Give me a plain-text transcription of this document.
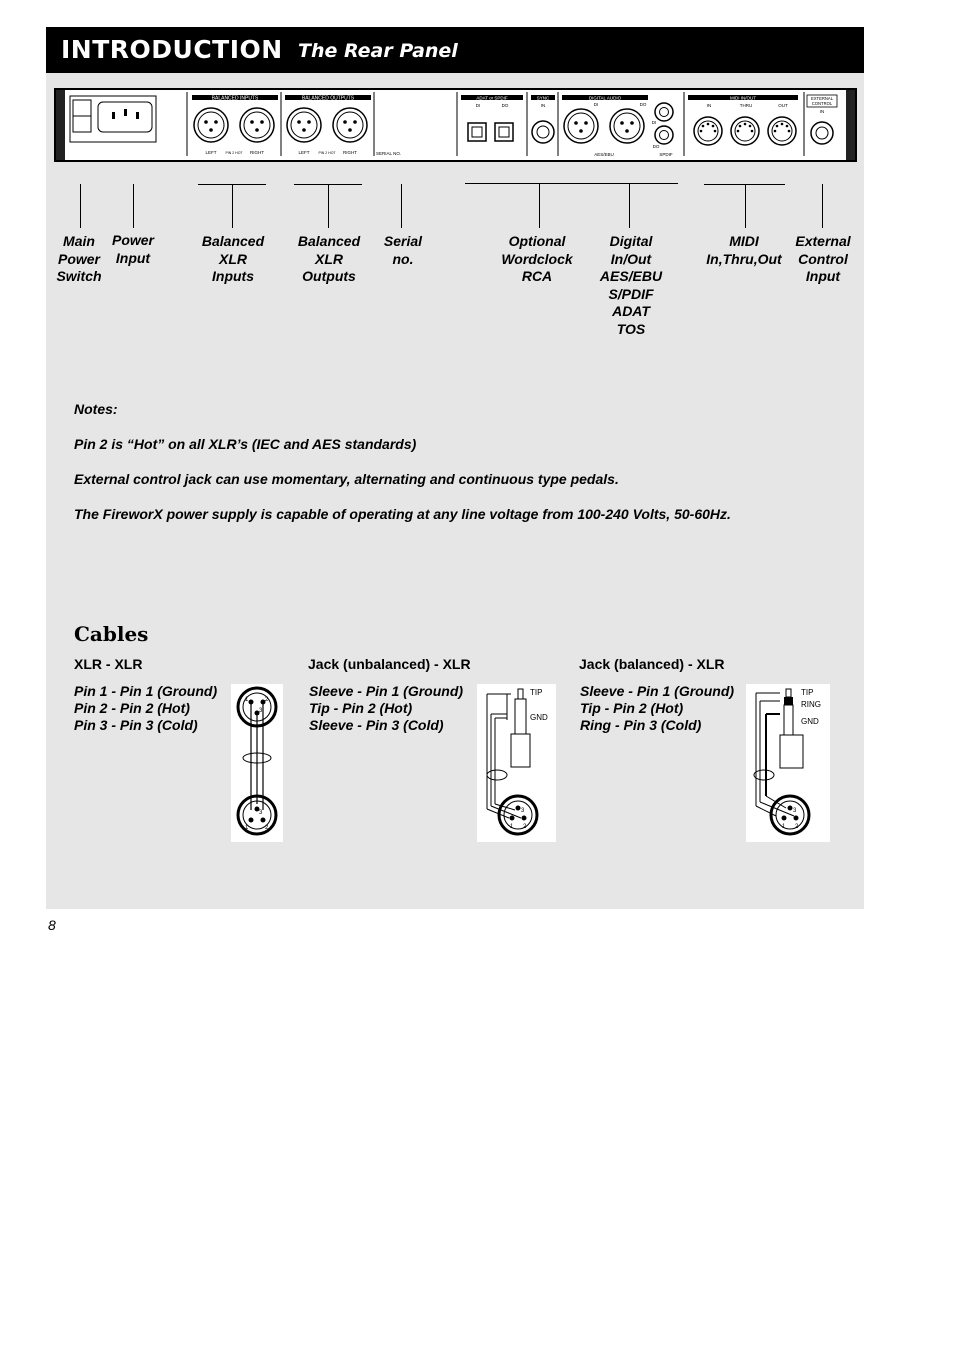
INTRODUCTION The Rear Panel
BALANCED INPUTS
LEFT	PIN 2 HOT RIGHT
BALANCED OUTPUTS
LEFT	PIN 2 HOT RIGHT	SERIAL NO.
ADAT or SPDIF
DI	DO
SYNC
IN
DIGITAL AUDIO
DI	DO
AES/EBU
DI
DO
SPDIF
MIDI IN/OUT
IN	THRU	OUT
EXTERNAL
CONTROL
IN
Main
Power
Switch
Power
Input
Balanced
XLR
Inputs
Balanced
XLR
Outputs
Serial
no.
Optional
Wordclock
RCA
Digital
In/Out
AES/EBU
S/PDIF
ADAT
TOS
MIDI
In,Thru,Out
External
Control
Input
Notes:
Pin 2 is “Hot” on all XLR’s (IEC and AES standards)
External control jack can use momentary, alternating and continuous type pedals.
The FireworX power supply is capable of operating at any line voltage from 100-240 Volts, 50-60Hz.
Cables
XLR - XLR	Jack (unbalanced) - XLR	Jack (balanced) - XLR
Pin 1 - Pin 1 (Ground)
Pin 2 - Pin 2 (Hot)
Pin 3 - Pin 3 (Cold)
Sleeve - Pin 1 (Ground)
Tip - Pin 2 (Hot)
Sleeve - Pin 3 (Cold)
Sleeve - Pin 1 (Ground)
Tip - Pin 2 (Hot)
Ring - Pin 3 (Cold)
1	2
3
1	2
3
TIP
GND
1 2
3
TIP
RING
GND
1 2
3
8
